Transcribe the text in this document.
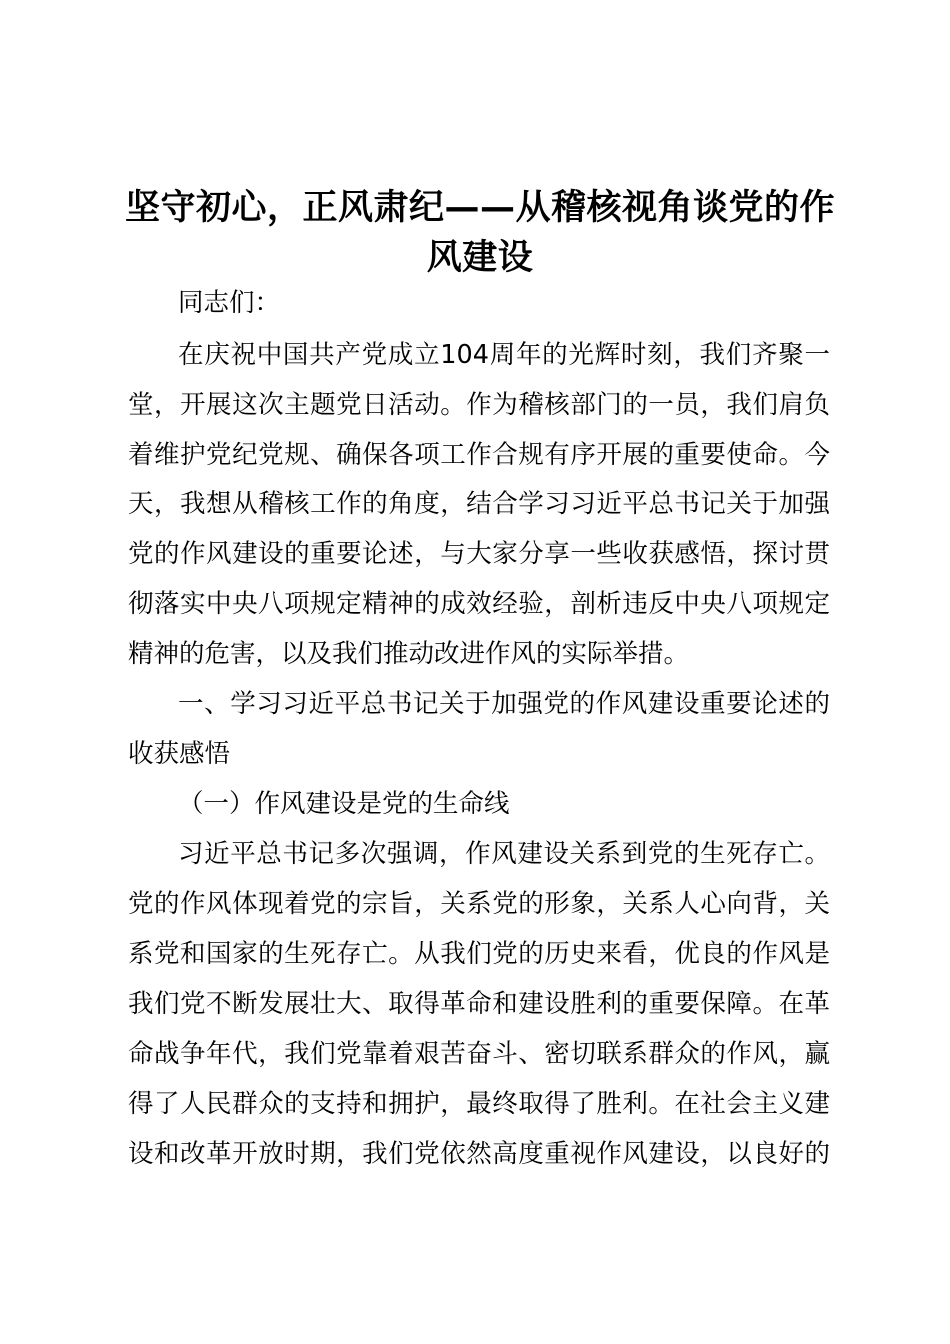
坚守初心，正风肃纪——从稽核视角谈党的作风建设
同志们：
在庆祝中国共产党成立104周年的光辉时刻，我们齐聚一
堂，开展这次主题党日活动。作为稽核部门的一员，我们肩负
着维护党纪党规、确保各项工作合规有序开展的重要使命。今
天，我想从稽核工作的角度，结合学习习近平总书记关于加强
党的作风建设的重要论述，与大家分享一些收获感悟，探讨贯
彻落实中央八项规定精神的成效经验，剖析违反中央八项规定
精神的危害，以及我们推动改进作风的实际举措。
一、学习习近平总书记关于加强党的作风建设重要论述的
收获感悟
（一）作风建设是党的生命线
习近平总书记多次强调，作风建设关系到党的生死存亡。
党的作风体现着党的宗旨，关系党的形象，关系人心向背，关
系党和国家的生死存亡。从我们党的历史来看，优良的作风是
我们党不断发展壮大、取得革命和建设胜利的重要保障。在革
命战争年代，我们党靠着艰苦奋斗、密切联系群众的作风，赢
得了人民群众的支持和拥护，最终取得了胜利。在社会主义建
设和改革开放时期，我们党依然高度重视作风建设，以良好的
